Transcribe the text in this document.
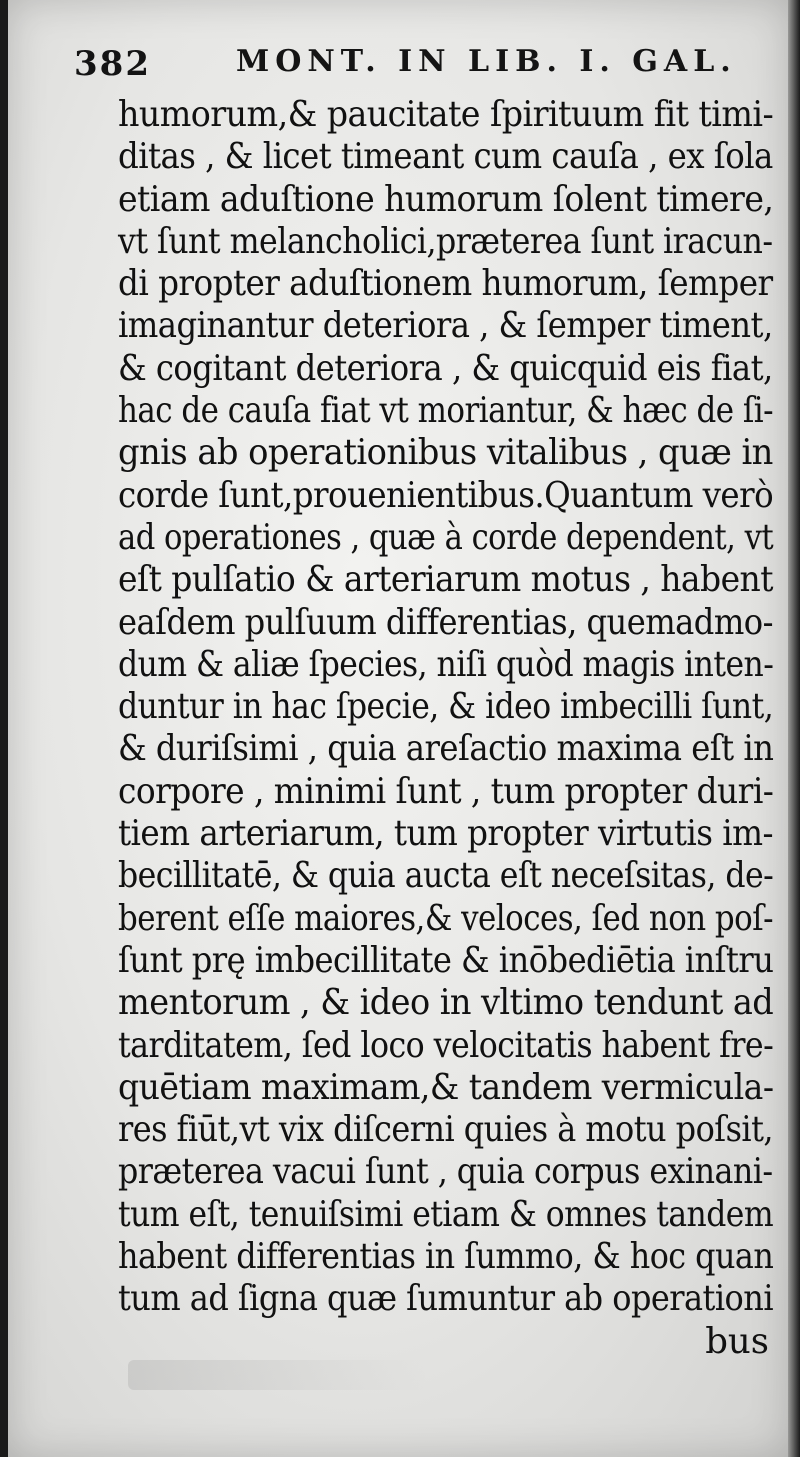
382	MONT. IN LIB. I. GAL.
humorum,& paucitate ſpirituum fit timi-
ditas , & licet timeant cum cauſa , ex ſola
etiam aduſtione humorum ſolent timere,
vt ſunt melancholici,prætereа ſunt iracun-
di propter aduſtionem humorum, ſemper
imaginantur deteriora , & ſemper timent,
& cogitant deteriora , & quicquid eis fiat,
hac de cauſa fiat vt moriantur, & hæc de ſi-
gnis ab operationibus vitalibus , quæ in
corde ſunt,prouenientibus.Quantum verò
ad operationes , quæ à corde dependent, vt
eſt pulſatio & arteriarum motus , habent
eaſdem pulſuum differentias, quemadmo-
dum & aliæ ſpecies, niſi quòd magis inten-
duntur in hac ſpecie, & ideo imbecilli ſunt,
& duriſsimi , quia areſactio maxima eſt in
corpore , minimi ſunt , tum propter duri-
tiem arteriarum, tum propter virtutis im-
becillitatē, & quia aucta eſt neceſsitas, de-
berent eſſe maiores,& veloces, ſed non poſ-
ſunt prę imbecillitate & inōbediētia inſtru
mentorum , & ideo in vltimo tendunt ad
tarditatem, ſed loco velocitatis habent fre-
quētiam maximam,& tandem vermicula-
res fiūt,vt vix diſcerni quies à motu poſsit,
præterea vacui ſunt , quia corpus exinani-
tum eſt, tenuiſsimi etiam & omnes tandem
habent differentias in ſummo, & hoc quan
tum ad ſigna quæ ſumuntur ab operationi
bus
